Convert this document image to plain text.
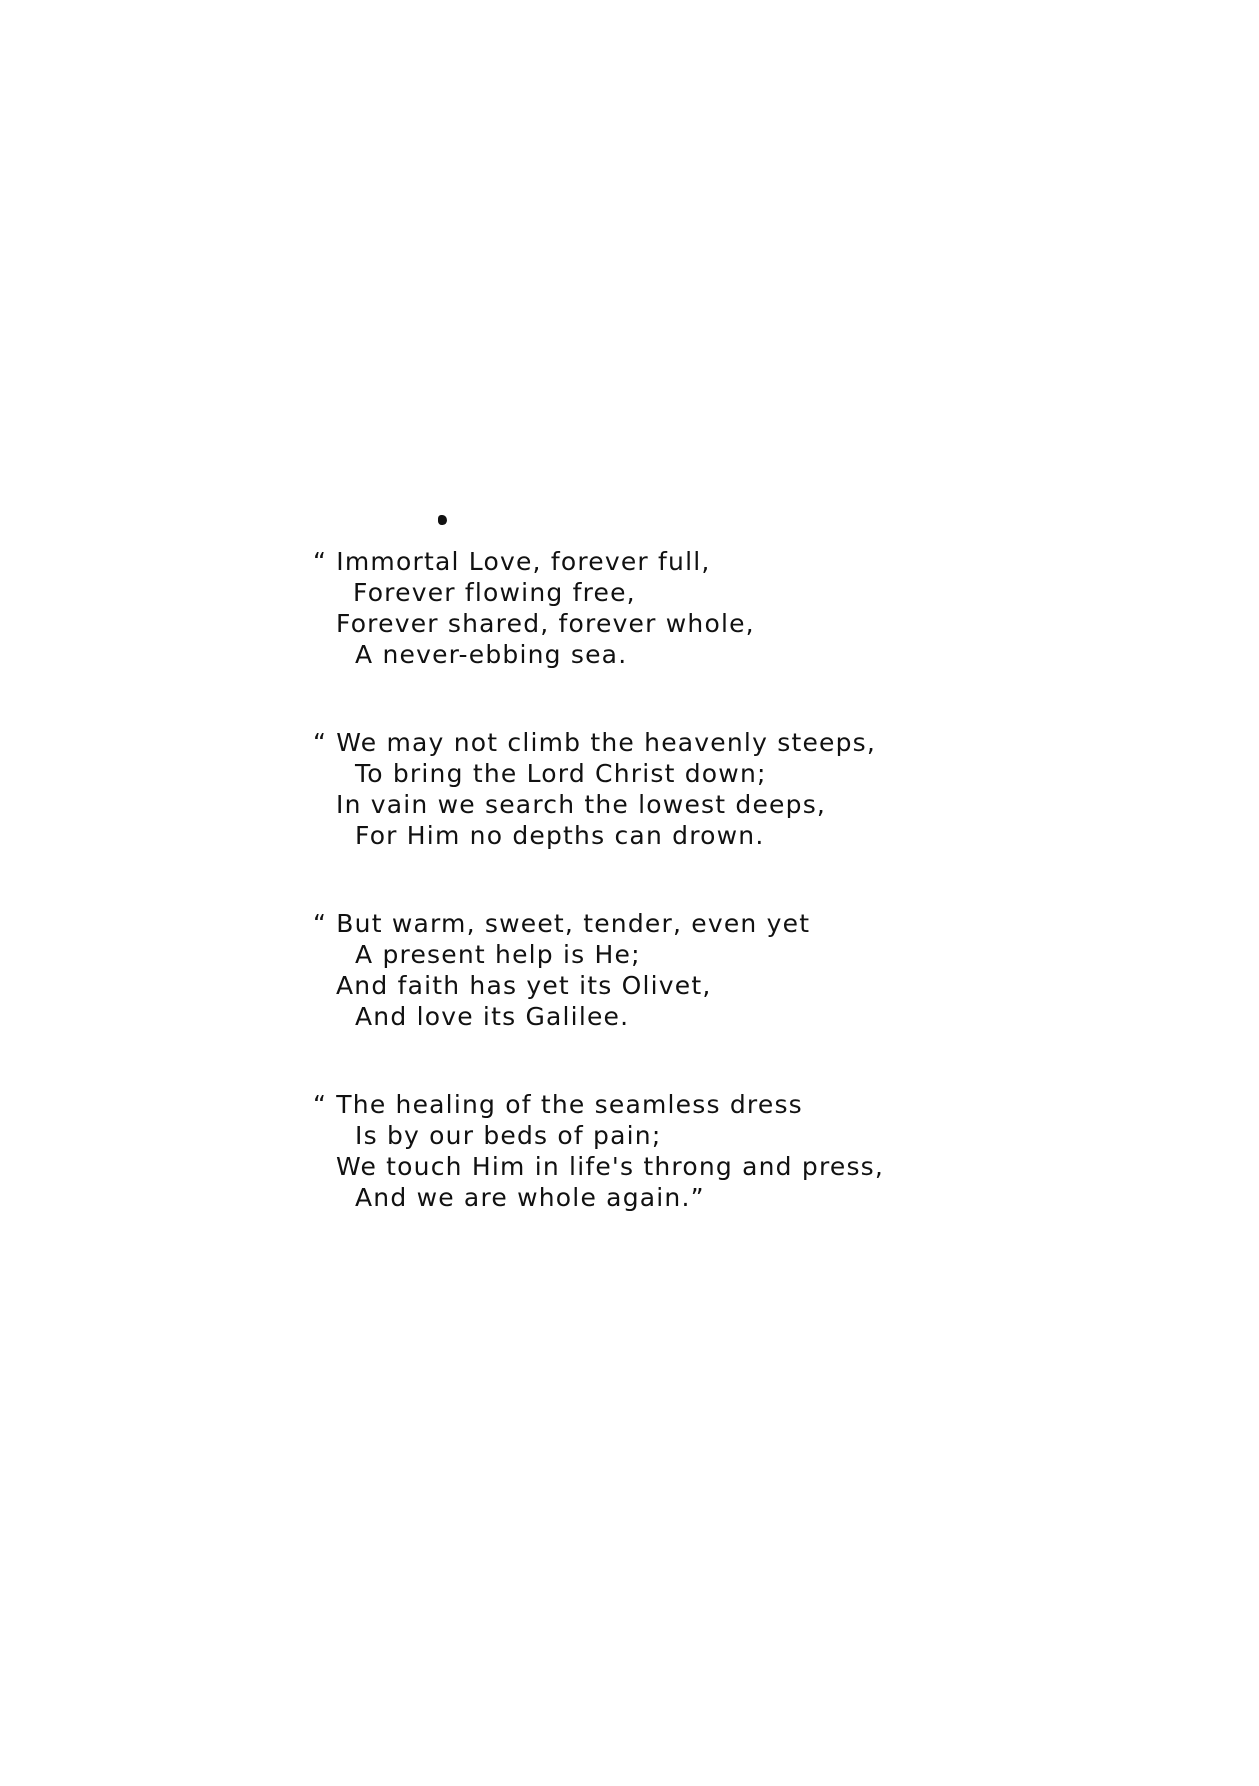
“ Immortal Love, forever full,
Forever flowing free,
Forever shared, forever whole,
A never-ebbing sea.
“ We may not climb the heavenly steeps,
To bring the Lord Christ down;
In vain we search the lowest deeps,
For Him no depths can drown.
“ But warm, sweet, tender, even yet
A present help is He;
And faith has yet its Olivet,
And love its Galilee.
“ The healing of the seamless dress
Is by our beds of pain;
We touch Him in life's throng and press,
And we are whole again.”
